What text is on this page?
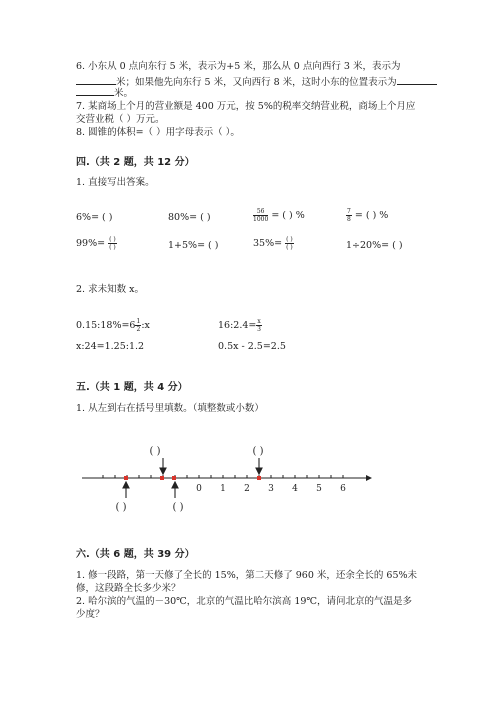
6. 小东从 0 点向东行 5 米，表示为+5 米，那么从 0 点向西行 3 米，表示为
米；如果他先向东行 5 米，又向西行 8 米，这时小东的位置表示为
米。
7. 某商场上个月的营业额是 400 万元，按 5%的税率交纳营业税，商场上个月应
交营业税（ ）万元。
8. 圆锥的体积=（ ）用字母表示（ ）。
四.（共 2 题，共 12 分）
1. 直接写出答案。
6%= ( )	80%= ( )	$\frac{56}{1000}$ = ( ) %	$\frac{7}{8}$ = ( ) %
$99\%= \frac{( )}{( )}$	1+5%= ( )	$35\%= \frac{( )}{( )}$	1÷20%= ( )
2. 求未知数 x。
0.15:18%=6 $\frac{1}{2}$ :x	16:2.4= $\frac{x}{3}$
x:24=1.25:1.2	0.5x - 2.5=2.5
五.（共 1 题，共 4 分）
1. 从左到右在括号里填数。（填整数或小数）
0 1 2 3 4 5 6
( )	( )
( )	( )
六.（共 6 题，共 39 分）
1. 修一段路，第一天修了全长的 15%，第二天修了 960 米，还余全长的 65%未
修，这段路全长多少米？
2. 哈尔滨的气温的－30℃，北京的气温比哈尔滨高 19℃，请问北京的气温是多
少度？
